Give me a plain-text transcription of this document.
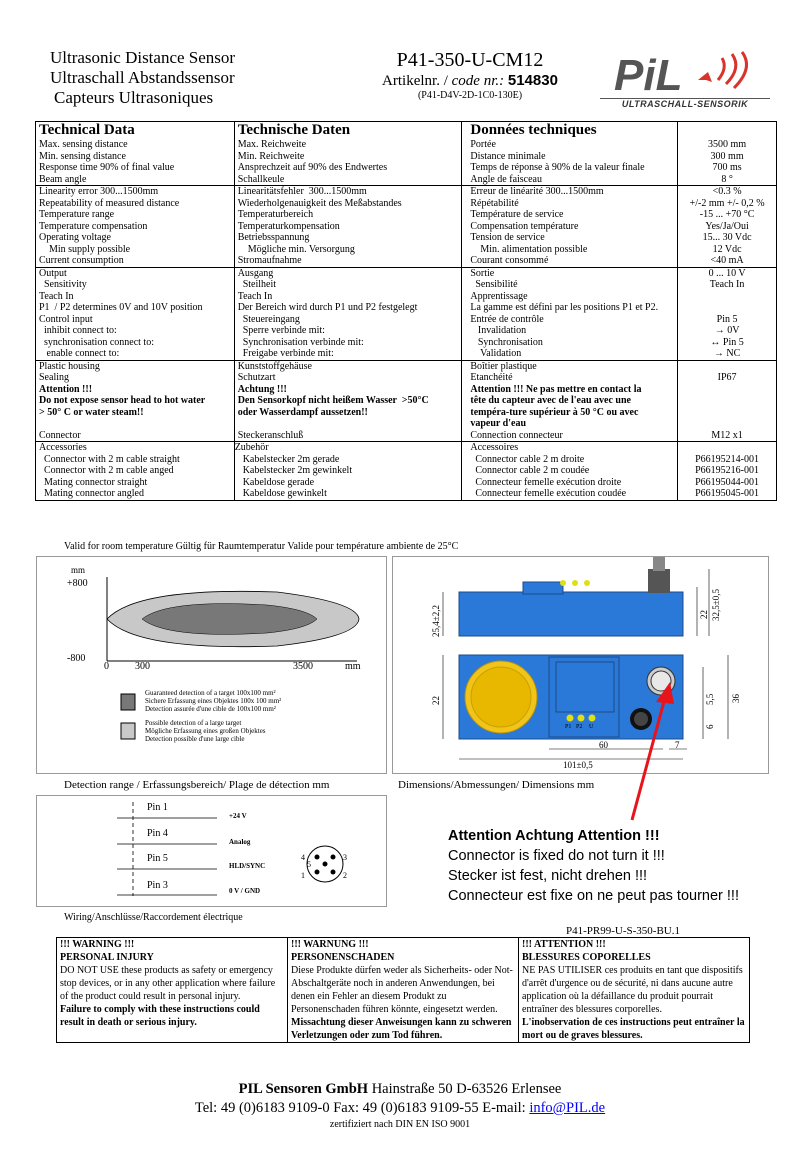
Ultrasonic Distance Sensor
Ultraschall Abstandssensor
Capteurs Ultrasoniques
P41-350-U-CM12
Artikelnr. / code nr.: 514830
(P41-D4V-2D-1C0-130E)	PiL
ULTRASCHALL-SENSORIK
Technical Data	Technische Daten	Données techniques	
Max. sensing distance	Max. Reichweite	Portée	3500 mm
Min. sensing distance	Min. Reichweite	Distance minimale	300 mm
Response time 90% of final value	Ansprechzeit auf 90% des Endwertes	Temps de réponse à 90% de la valeur finale	700 ms
Beam angle	Schallkeule	Angle de faisceau	8 °
Linearity error 300...1500mm	Linearitätsfehler  300...1500mm	Erreur de linéarité 300...1500mm	<0.3 %
Repeatability of measured distance	Wiederholgenauigkeit des Meßabstandes	Répétabilité	+/-2 mm +/- 0,2 %
Temperature range	Temperaturbereich	Température de service	-15 ... +70 °C
Temperature compensation	Temperaturkompensation	Compensation température	Yes/Ja/Oui
Operating voltage	Betriebsspannung	Tension de service	15... 30 Vdc
Min supply possible	Mögliche min. Versorgung	Min. alimentation possible	12 Vdc
Current consumption	Stromaufnahme	Courant consommé	<40 mA
Output	Ausgang	Sortie	0 ... 10 V
Sensitivity	Steilheit	Sensibilité	Teach In
Teach In	Teach In	Apprentissage	
P1  / P2 determines 0V and 10V position	Der Bereich wird durch P1 und P2 festgelegt	La gamme est défini par les positions P1 et P2.	
Control input	Steuereingang	Entrée de contrôle	Pin 5
inhibit connect to:	Sperre verbinde mit:	Invalidation	→ 0V
synchronisation connect to:	Synchronisation verbinde mit:	Synchronisation	↔ Pin 5
enable connect to:	Freigabe verbinde mit:	Validation	→ NC
Plastic housing	Kunststoffgehäuse	Boîtier plastique	
Sealing	Schutzart	Etanchéité	IP67
Attention !!!	Achtung !!!	Attention !!! Ne pas mettre en contact la	
Do not expose sensor head to hot water	Den Sensorkopf nicht heißem Wasser  >50°C	tête du capteur avec de l'eau avec une	
> 50° C or water steam!!	oder Wasserdampf aussetzen!!	tempéra-ture supérieur à 50 °C ou avec	
		vapeur d'eau	
Connector	Steckeranschluß	Connection connecteur	M12 x1
Accessories	Zubehör	Accessoires	
Connector with 2 m cable straight	Kabelstecker 2m gerade	Connector cable 2 m droite	P66195214-001
Connector with 2 m cable anged	Kabelstecker 2m gewinkelt	Connector cable 2 m coudée	P66195216-001
Mating connector straight	Kabeldose gerade	Connecteur femelle exécution droite	P66195044-001
Mating connector angled	Kabeldose gewinkelt	Connecteur femelle exécution coudée	P66195045-001
Valid for room temperature Gültig für Raumtemperatur Valide pour température ambiente de 25°C
mm
+800
-800
0	300	3500	mm
Guaranteed detection of a target 100x100 mm²
Sichere Erfassung eines Objektes 100x 100 mm²
Detection assurée d'une cible de 100x100 mm²
Possible detection of a large target
Mögliche Erfassung eines großen Objektes
Detection possible d'une large cible
Detection range / Erfassungsbereich/ Plage de détection mm
25,4±2,2	22 32,5±0,5
22	5,5
6
36
60	7
101±0,5
P1 P2 U
Dimensions/Abmessungen/ Dimensions mm
Pin 1
Pin 4
Pin 5
Pin 3
+24 V
Analog
HLD/SYNC
0 V / GND
4	3
5
1	2
Wiring/Anschlüsse/Raccordement électrique
Attention Achtung Attention !!!
Connector is fixed do not turn it !!!
Stecker ist fest, nicht drehen !!!
Connecteur est fixe on ne peut pas tourner !!!
P41-PR99-U-S-350-BU.1
!!! WARNING !!!
PERSONAL INJURY
DO NOT USE these products as safety or emergency stop devices, or in any other application where failure of the product could result in personal injury.
Failure to comply with these instructions could result in death or serious injury.

!!! WARNUNG !!!
PERSONENSCHADEN
Diese Produkte dürfen weder als Sicherheits- oder Not-Abschaltgeräte noch in anderen Anwendungen, bei denen ein Fehler an diesem Produkt zu Personenschaden führen könnte, eingesetzt werden.
Missachtung dieser Anweisungen kann zu schweren Verletzungen oder zum Tod führen.

!!! ATTENTION !!!
BLESSURES COPORELLES
NE PAS UTILISER ces produits en tant que dispositifs d'arrêt d'urgence ou de sécurité, ni dans aucune autre application où la défaillance du produit pourrait entraîner des blessures corporelles.
L'inobservation de ces instructions peut entraîner la mort ou de graves blessures.
PIL Sensoren GmbH Hainstraße 50 D-63526 Erlensee
Tel: 49 (0)6183 9109-0 Fax: 49 (0)6183 9109-55 E-mail: info@PIL.de
zertifiziert nach DIN EN ISO 9001
